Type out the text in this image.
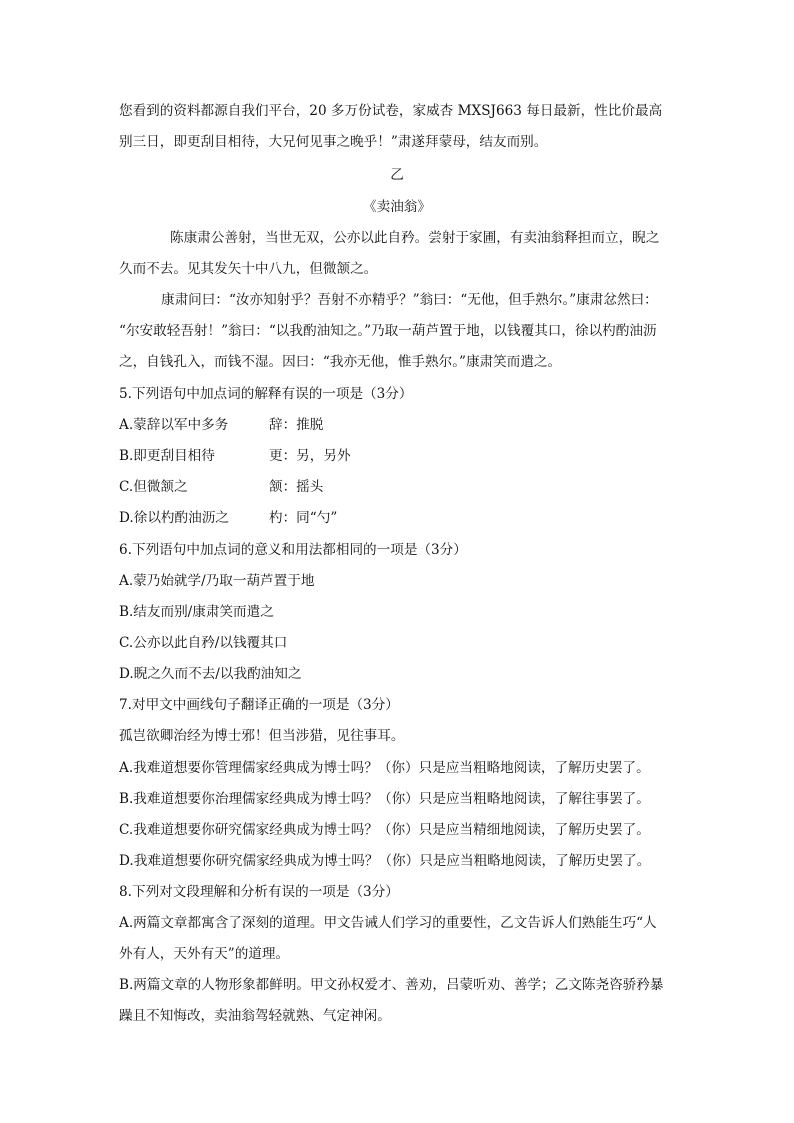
您看到的资料都源自我们平台，20 多万份试卷，家威杏 MXSJ663 每日最新，性比价最高
别三日，即更刮目相待，大兄何见事之晚乎！”肃遂拜蒙母，结友而别。
乙
《卖油翁》
陈康肃公善射，当世无双，公亦以此自矜。尝射于家圃，有卖油翁释担而立，睨之
久而不去。见其发矢十中八九，但微颔之。
康肃问曰：“汝亦知射乎？吾射不亦精乎？”翁曰：“无他，但手熟尔。”康肃忿然曰：
“尔安敢轻吾射！”翁曰：“以我酌油知之。”乃取一葫芦置于地，以钱覆其口，徐以杓酌油沥
之，自钱孔入，而钱不湿。因曰：“我亦无他，惟手熟尔。”康肃笑而遣之。
5.下列语句中加点词的解释有误的一项是（3分）
A.蒙辞以军中多务	辞：推脱
B.即更刮目相待	更：另，另外
C.但微颔之	颔：摇头
D.徐以杓酌油沥之	杓：同“勺”
6.下列语句中加点词的意义和用法都相同的一项是（3分）
A.蒙乃始就学/乃取一葫芦置于地
B.结友而别/康肃笑而遣之
C.公亦以此自矜/以钱覆其口
D.睨之久而不去/以我酌油知之
7.对甲文中画线句子翻译正确的一项是（3分）
孤岂欲卿治经为博士邪！但当涉猎，见往事耳。
A.我难道想要你管理儒家经典成为博士吗？（你）只是应当粗略地阅读，了解历史罢了。
B.我难道想要你治理儒家经典成为博士吗？（你）只是应当粗略地阅读，了解往事罢了。
C.我难道想要你研究儒家经典成为博士吗？（你）只是应当精细地阅读，了解历史罢了。
D.我难道想要你研究儒家经典成为博士吗？（你）只是应当粗略地阅读，了解历史罢了。
8.下列对文段理解和分析有误的一项是（3分）
A.两篇文章都寓含了深刻的道理。甲文告诫人们学习的重要性，乙文告诉人们熟能生巧“人
外有人，天外有天”的道理。
B.两篇文章的人物形象都鲜明。甲文孙权爱才、善劝，吕蒙听劝、善学；乙文陈尧咨骄矜暴
躁且不知悔改，卖油翁驾轻就熟、气定神闲。
